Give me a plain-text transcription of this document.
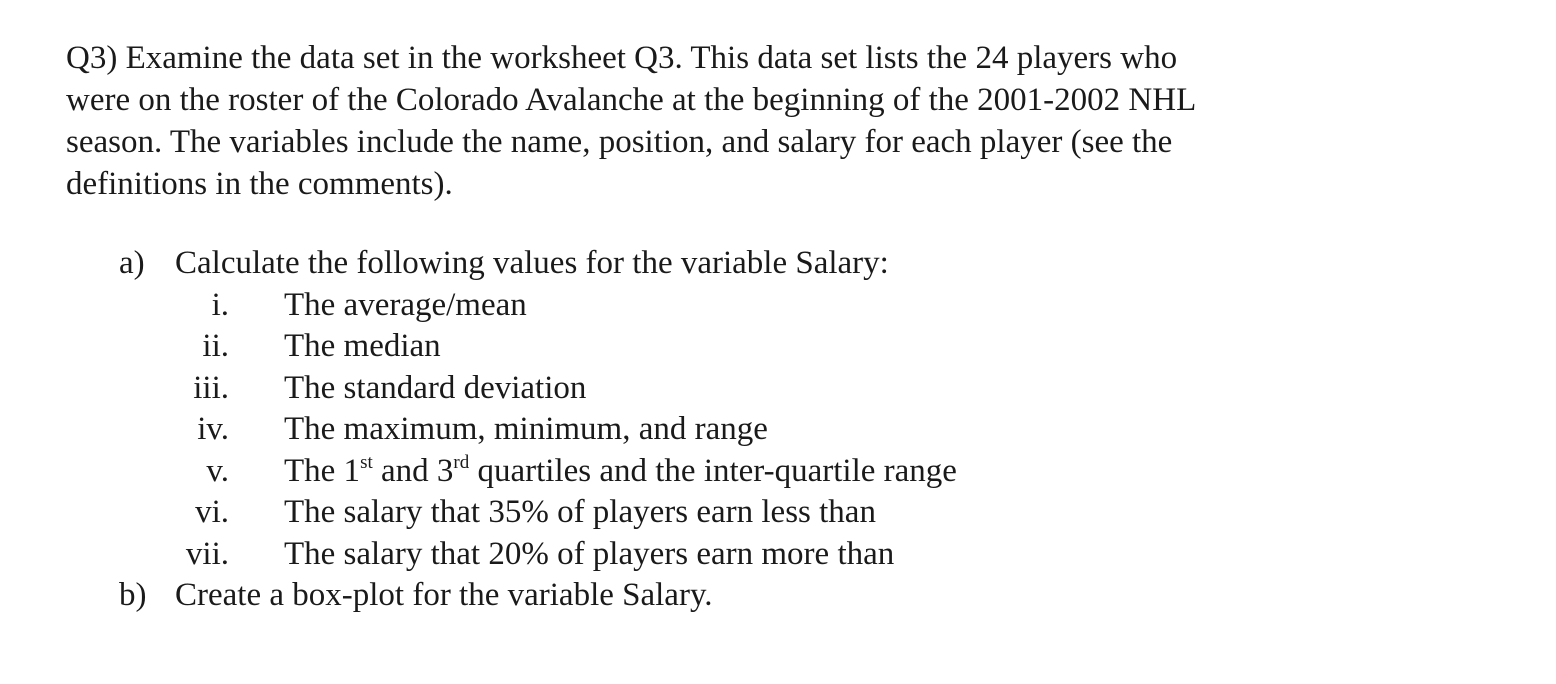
Q3) Examine the data set in the worksheet Q3. This data set lists the 24 players who
were on the roster of the Colorado Avalanche at the beginning of the 2001-2002 NHL
season. The variables include the name, position, and salary for each player (see the
definitions in the comments).

a) Calculate the following values for the variable Salary:
i. The average/mean
ii. The median
iii. The standard deviation
iv. The maximum, minimum, and range
v. The 1st and 3rd quartiles and the inter-quartile range
vi. The salary that 35% of players earn less than
vii. The salary that 20% of players earn more than
b) Create a box-plot for the variable Salary.
